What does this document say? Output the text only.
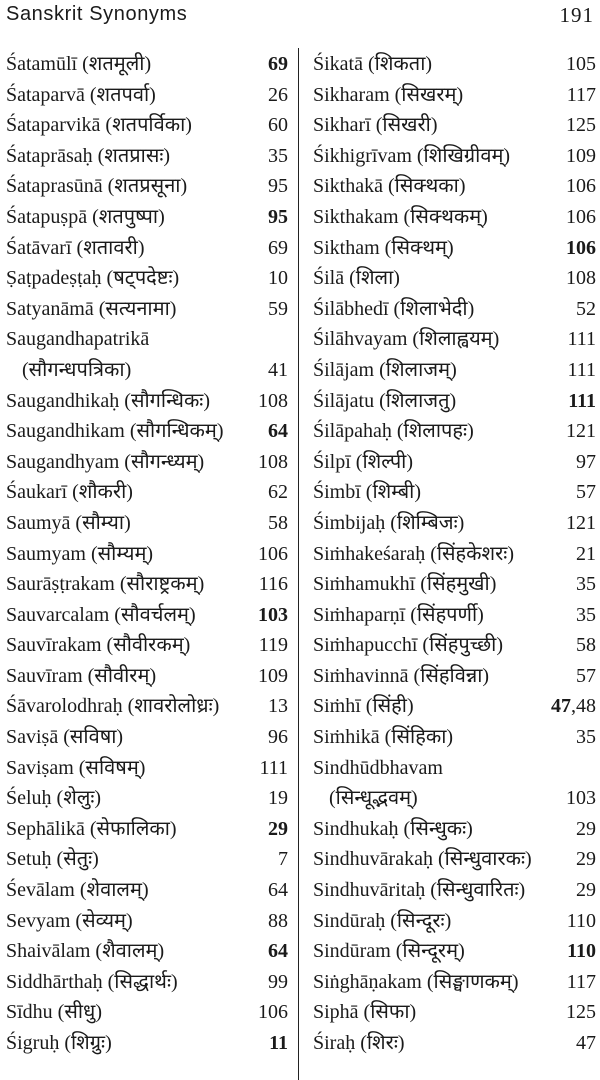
Sanskrit Synonyms	191
Śatamūlī (शतमूली)	69
Śataparvā (शतपर्वा)	26
Śataparvikā (शतपर्विका)	60
Śataprāsaḥ (शतप्रासः)	35
Śataprasūnā (शतप्रसूना)	95
Śatapuṣpā (शतपुष्पा)	95
Śatāvarī (शतावरी)	69
Ṣaṭpadeṣṭaḥ (षट्पदेष्टः)	10
Satyanāmā (सत्यनामा)	59
Saugandhapatrikā
(सौगन्धपत्रिका)	41
Saugandhikaḥ (सौगन्धिकः) 108
Saugandhikam (सौगन्धिकम्) 64
Saugandhyam (सौगन्ध्यम्)	108
Śaukarī (शौकरी)	62
Saumyā (सौम्या)	58
Saumyam (सौम्यम्)	106
Saurāṣṭrakam (सौराष्ट्रकम्)	116
Sauvarcalam (सौवर्चलम्)	103
Sauvīrakam (सौवीरकम्)	119
Sauvīram (सौवीरम्)	109
Śāvarolodhraḥ (शावरोलोध्रः) 13
Saviṣā (सविषा)	96
Saviṣam (सविषम्)	111
Śeluḥ (शेलुः)	19
Sephālikā (सेफालिका)	29
Setuḥ (सेतुः)	7
Śevālam (शेवालम्)	64
Sevyam (सेव्यम्)	88
Shaivālam (शैवालम्)	64
Siddhārthaḥ (सिद्धार्थः)	99
Sīdhu (सीधु)	106
Śigruḥ (शिग्रुः)	11
Śikatā (शिकता)	105
Sikharam (सिखरम्)	117
Sikharī (सिखरी)	125
Śikhigrīvam (शिखिग्रीवम्)	109
Sikthakā (सिक्थका)	106
Sikthakam (सिक्थकम्)	106
Siktham (सिक्थम्)	106
Śilā (शिला)	108
Śilābhedī (शिलाभेदी)	52
Śilāhvayam (शिलाह्वयम्)	111
Śilājam (शिलाजम्)	111
Śilājatu (शिलाजतु)	111
Śilāpahaḥ (शिलापहः)	121
Śilpī (शिल्पी)	97
Śimbī (शिम्बी)	57
Śimbijaḥ (शिम्बिजः)	121
Siṁhakeśaraḥ (सिंहकेशरः)	21
Siṁhamukhī (सिंहमुखी)	35
Siṁhaparṇī (सिंहपर्णी)	35
Siṁhapucchī (सिंहपुच्छी)	58
Siṁhavinnā (सिंहविन्ना)	57
Siṁhī (सिंही)	47,48
Siṁhikā (सिंहिका)	35
Sindhūdbhavam
(सिन्धूद्भवम्)	103
Sindhukaḥ (सिन्धुकः)	29
Sindhuvārakaḥ (सिन्धुवारकः) 29
Sindhuvāritaḥ (सिन्धुवारितः)	29
Sindūraḥ (सिन्दूरः)	110
Sindūram (सिन्दूरम्)	110
Siṅghāṇakam (सिङ्घाणकम्) 117
Siphā (सिफा)	125
Śiraḥ (शिरः)	47
